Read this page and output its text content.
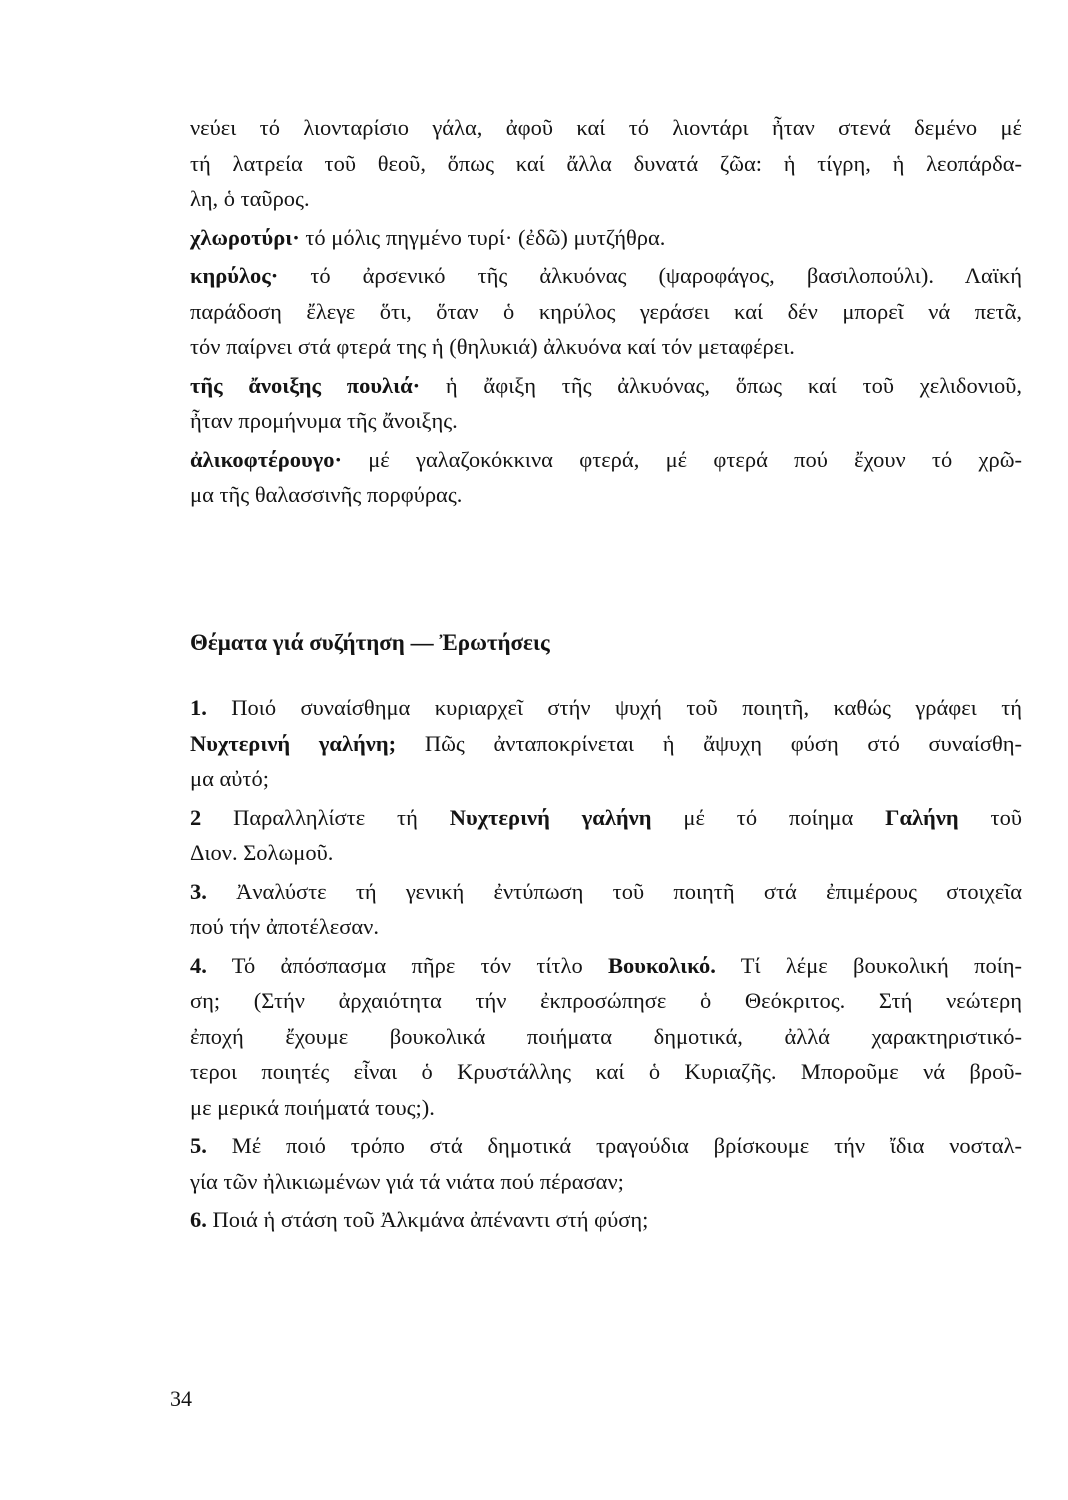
νεύει τό λιονταρίσιο γάλα, ἀφοῦ καί τό λιοντάρι ἦταν στενά δεμένο μέ
τή λατρεία τοῦ θεοῦ, ὅπως καί ἄλλα δυνατά ζῶα: ἡ τίγρη, ἡ λεοπάρδα-
λη, ὁ ταῦρος.
χλωροτύρι· τό μόλις πηγμένο τυρί· (ἐδῶ) μυτζήθρα.
κηρύλος· τό ἀρσενικό τῆς ἀλκυόνας (ψαροφάγος, βασιλοπούλι). Λαϊκή
παράδοση ἔλεγε ὅτι, ὅταν ὁ κηρύλος γεράσει καί δέν μπορεῖ νά πετᾶ,
τόν παίρνει στά φτερά της ἡ (θηλυκιά) ἀλκυόνα καί τόν μεταφέρει.
τῆς ἄνοιξης πουλιά· ἡ ἄφιξη τῆς ἀλκυόνας, ὅπως καί τοῦ χελιδονιοῦ,
ἦταν προμήνυμα τῆς ἄνοιξης.
ἀλικοφτέρουγο· μέ γαλαζοκόκκινα φτερά, μέ φτερά πού ἔχουν τό χρῶ-
μα τῆς θαλασσινῆς πορφύρας.
Θέματα γιά συζήτηση — Ἐρωτήσεις
1. Ποιό συναίσθημα κυριαρχεῖ στήν ψυχή τοῦ ποιητῆ, καθώς γράφει τή
Νυχτερινή γαλήνη; Πῶς ἀνταποκρίνεται ἡ ἄψυχη φύση στό συναίσθη-
μα αὐτό;
2 Παραλληλίστε τή Νυχτερινή γαλήνη μέ τό ποίημα Γαλήνη τοῦ
Διον. Σολωμοῦ.
3. Ἀναλύστε τή γενική ἐντύπωση τοῦ ποιητῆ στά ἐπιμέρους στοιχεῖα
πού τήν ἀποτέλεσαν.
4. Τό ἀπόσπασμα πῆρε τόν τίτλο Βουκολικό. Τί λέμε βουκολική ποίη-
ση; (Στήν ἀρχαιότητα τήν ἐκπροσώπησε ὁ Θεόκριτος. Στή νεώτερη
ἐποχή ἔχουμε βουκολικά ποιήματα δημοτικά, ἀλλά χαρακτηριστικό-
τεροι ποιητές εἶναι ὁ Κρυστάλλης καί ὁ Κυριαζῆς. Μποροῦμε νά βροῦ-
με μερικά ποιήματά τους;).
5. Μέ ποιό τρόπο στά δημοτικά τραγούδια βρίσκουμε τήν ἴδια νοσταλ-
γία τῶν ἠλικιωμένων γιά τά νιάτα πού πέρασαν;
6. Ποιά ἡ στάση τοῦ Ἀλκμάνα ἀπέναντι στή φύση;
34
